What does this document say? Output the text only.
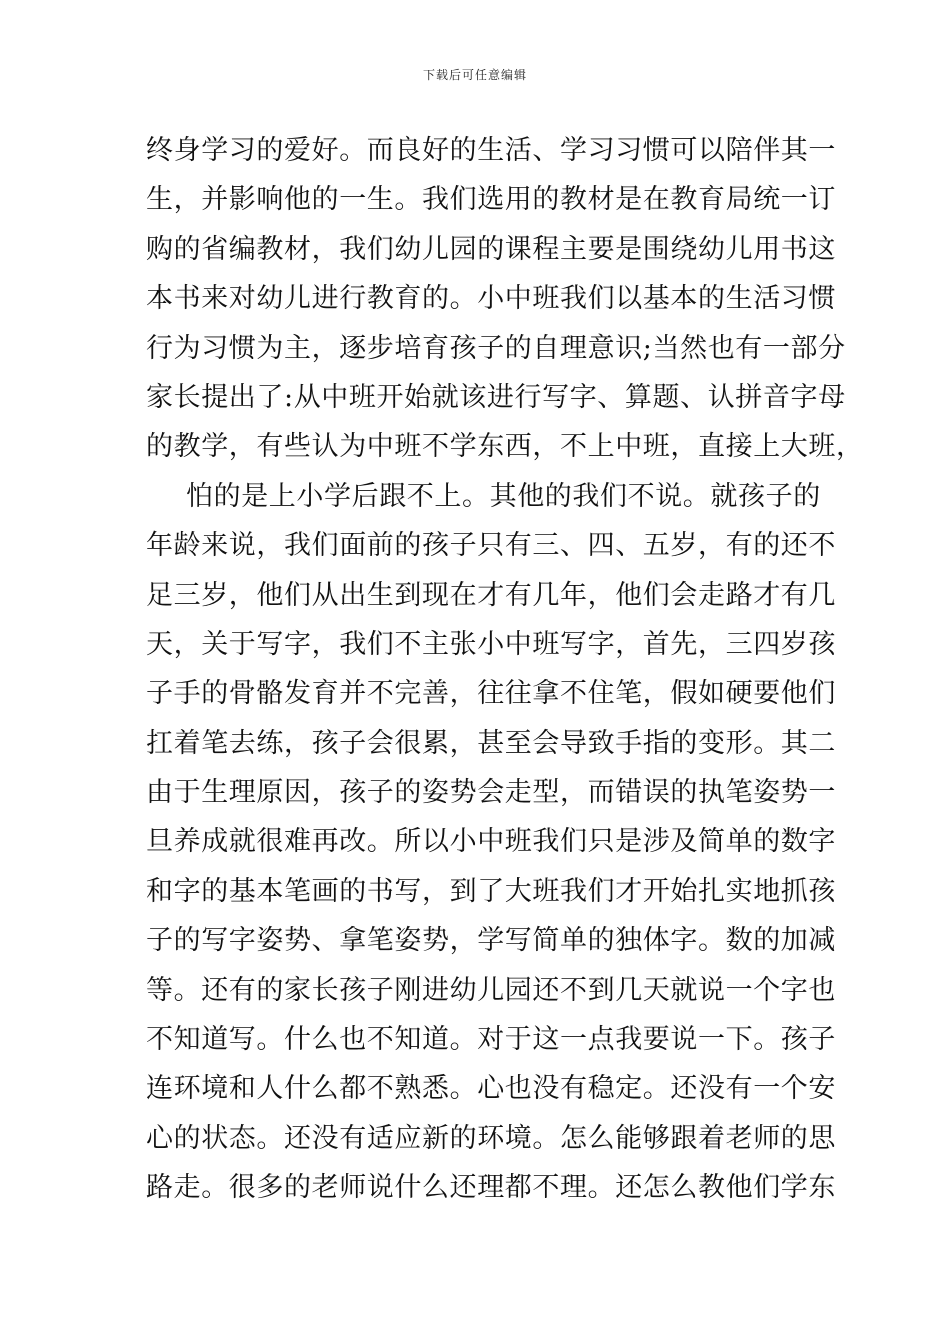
下载后可任意编辑
终身学习的爱好。而良好的生活、学习习惯可以陪伴其一
生，并影响他的一生。我们选用的教材是在教育局统一订
购的省编教材，我们幼儿园的课程主要是围绕幼儿用书这
本书来对幼儿进行教育的。小中班我们以基本的生活习惯
行为习惯为主，逐步培育孩子的自理意识;当然也有一部分
家长提出了:从中班开始就该进行写字、算题、认拼音字母
的教学，有些认为中班不学东西，不上中班，直接上大班，
怕的是上小学后跟不上。其他的我们不说。就孩子的
年龄来说，我们面前的孩子只有三、四、五岁，有的还不
足三岁，他们从出生到现在才有几年，他们会走路才有几
天，关于写字，我们不主张小中班写字，首先，三四岁孩
子手的骨骼发育并不完善，往往拿不住笔，假如硬要他们
扛着笔去练，孩子会很累，甚至会导致手指的变形。其二
由于生理原因，孩子的姿势会走型，而错误的执笔姿势一
旦养成就很难再改。所以小中班我们只是涉及简单的数字
和字的基本笔画的书写，到了大班我们才开始扎实地抓孩
子的写字姿势、拿笔姿势，学写简单的独体字。数的加减
等。还有的家长孩子刚进幼儿园还不到几天就说一个字也
不知道写。什么也不知道。对于这一点我要说一下。孩子
连环境和人什么都不熟悉。心也没有稳定。还没有一个安
心的状态。还没有适应新的环境。怎么能够跟着老师的思
路走。很多的老师说什么还理都不理。还怎么教他们学东
